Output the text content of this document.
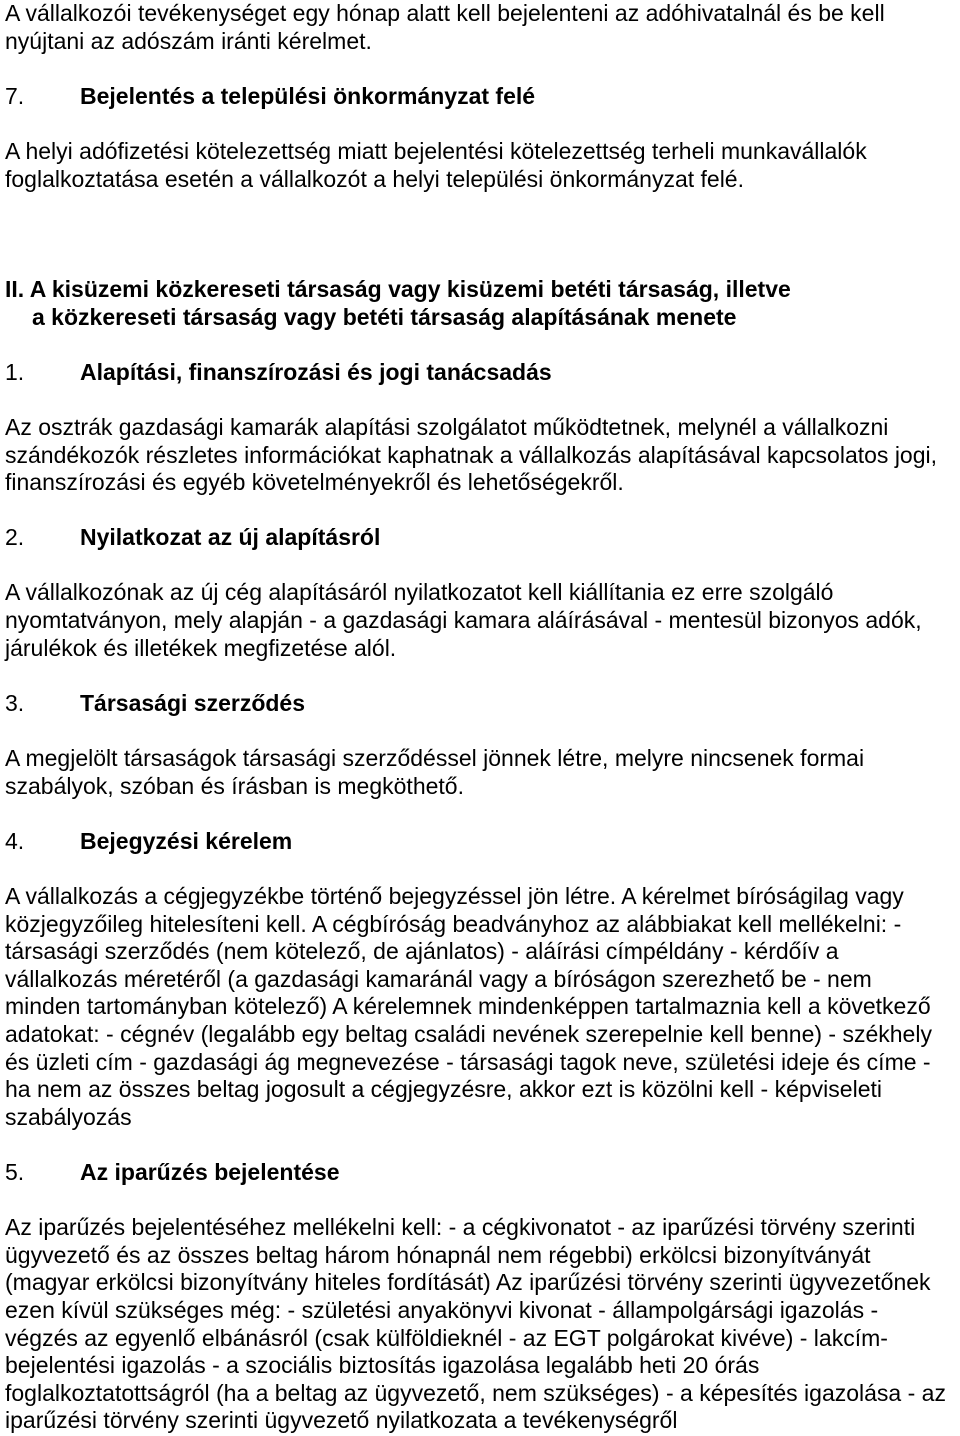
A vállalkozói tevékenységet egy hónap alatt kell bejelenteni az adóhivatalnál és be kell
nyújtani az adószám iránti kérelmet.
7.	Bejelentés a települési önkormányzat felé
A helyi adófizetési kötelezettség miatt bejelentési kötelezettség terheli munkavállalók
foglalkoztatása esetén a vállalkozót a helyi települési önkormányzat felé.
II. A kisüzemi közkereseti társaság vagy kisüzemi betéti társaság, illetve
a közkereseti társaság vagy betéti társaság alapításának menete
1.	Alapítási, finanszírozási és jogi tanácsadás
Az osztrák gazdasági kamarák alapítási szolgálatot működtetnek, melynél a vállalkozni
szándékozók részletes információkat kaphatnak a vállalkozás alapításával kapcsolatos jogi,
finanszírozási és egyéb követelményekről és lehetőségekről.
2.	Nyilatkozat az új alapításról
A vállalkozónak az új cég alapításáról nyilatkozatot kell kiállítania ez erre szolgáló
nyomtatványon, mely alapján - a gazdasági kamara aláírásával - mentesül bizonyos adók,
járulékok és illetékek megfizetése alól.
3.	Társasági szerződés
A megjelölt társaságok társasági szerződéssel jönnek létre, melyre nincsenek formai
szabályok, szóban és írásban is megköthető.
4.	Bejegyzési kérelem
A vállalkozás a cégjegyzékbe történő bejegyzéssel jön létre. A kérelmet bíróságilag vagy
közjegyzőileg hitelesíteni kell. A cégbíróság beadványhoz az alábbiakat kell mellékelni: -
társasági szerződés (nem kötelező, de ajánlatos) - aláírási címpéldány - kérdőív a
vállalkozás méretéről (a gazdasági kamaránál vagy a bíróságon szerezhető be - nem
minden tartományban kötelező) A kérelemnek mindenképpen tartalmaznia kell a következő
adatokat: - cégnév (legalább egy beltag családi nevének szerepelnie kell benne) - székhely
és üzleti cím - gazdasági ág megnevezése - társasági tagok neve, születési ideje és címe -
ha nem az összes beltag jogosult a cégjegyzésre, akkor ezt is közölni kell - képviseleti
szabályozás
5.	Az iparűzés bejelentése
Az iparűzés bejelentéséhez mellékelni kell: - a cégkivonatot - az iparűzési törvény szerinti
ügyvezető és az összes beltag három hónapnál nem régebbi) erkölcsi bizonyítványát
(magyar erkölcsi bizonyítvány hiteles fordítását) Az iparűzési törvény szerinti ügyvezetőnek
ezen kívül szükséges még: - születési anyakönyvi kivonat - állampolgársági igazolás -
végzés az egyenlő elbánásról (csak külföldieknél - az EGT polgárokat kivéve) - lakcím-
bejelentési igazolás - a szociális biztosítás igazolása legalább heti 20 órás
foglalkoztatottságról (ha a beltag az ügyvezető, nem szükséges) - a képesítés igazolása - az
iparűzési törvény szerinti ügyvezető nyilatkozata a tevékenységről
